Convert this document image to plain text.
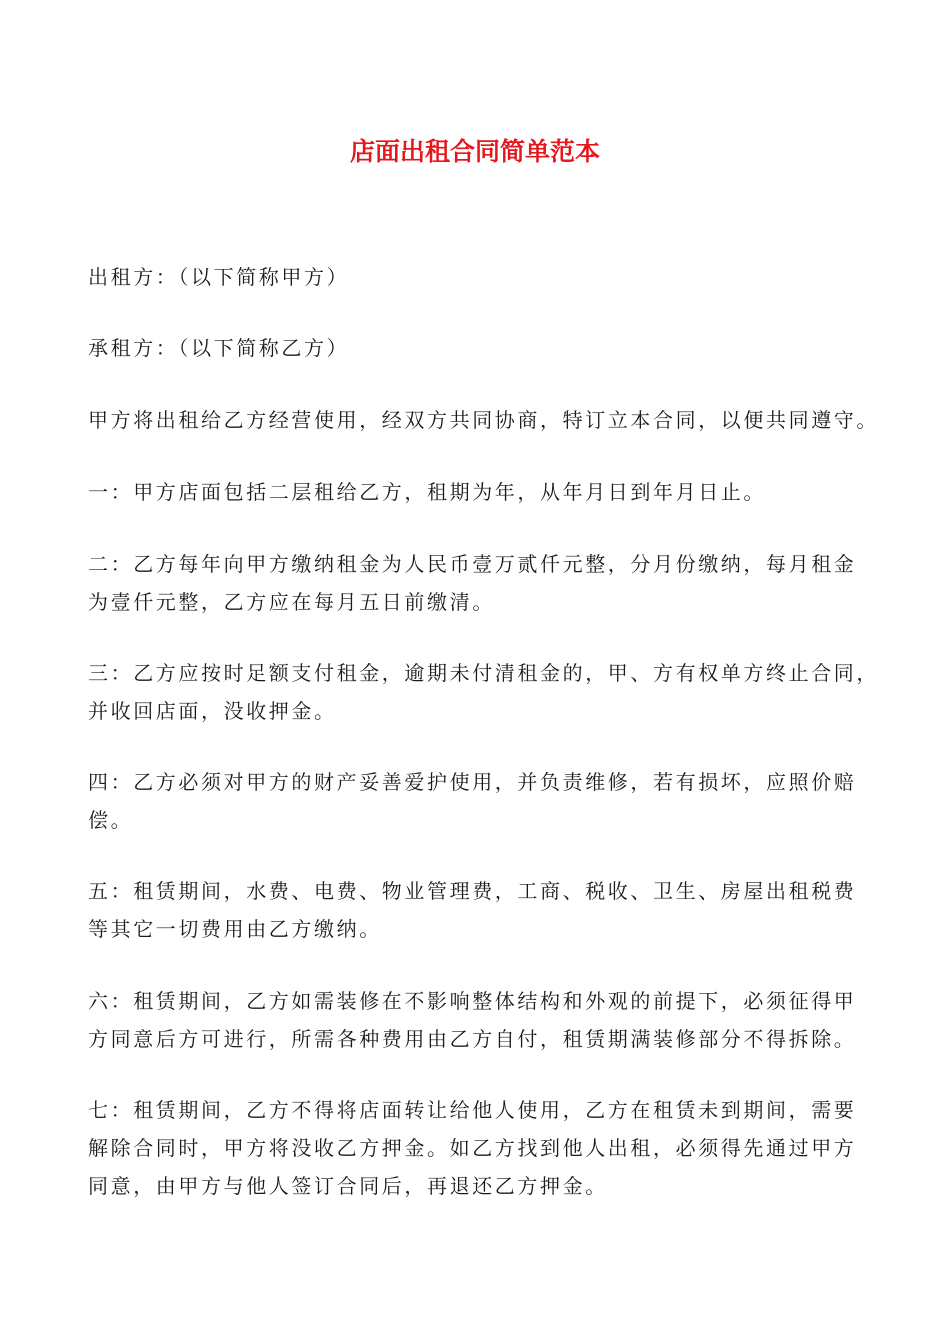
店面出租合同简单范本
出租方：（以下简称甲方）
承租方：（以下简称乙方）
甲方将出租给乙方经营使用，经双方共同协商，特订立本合同，以便共同遵守。
一：甲方店面包括二层租给乙方，租期为年，从年月日到年月日止。
二：乙方每年向甲方缴纳租金为人民币壹万贰仟元整，分月份缴纳，每月租金
为壹仟元整，乙方应在每月五日前缴清。
三：乙方应按时足额支付租金，逾期未付清租金的，甲、方有权单方终止合同，
并收回店面，没收押金。
四：乙方必须对甲方的财产妥善爱护使用，并负责维修，若有损坏，应照价赔
偿。
五：租赁期间，水费、电费、物业管理费，工商、税收、卫生、房屋出租税费
等其它一切费用由乙方缴纳。
六：租赁期间，乙方如需装修在不影响整体结构和外观的前提下，必须征得甲
方同意后方可进行，所需各种费用由乙方自付，租赁期满装修部分不得拆除。
七：租赁期间，乙方不得将店面转让给他人使用，乙方在租赁未到期间，需要
解除合同时，甲方将没收乙方押金。如乙方找到他人出租，必须得先通过甲方
同意，由甲方与他人签订合同后，再退还乙方押金。
